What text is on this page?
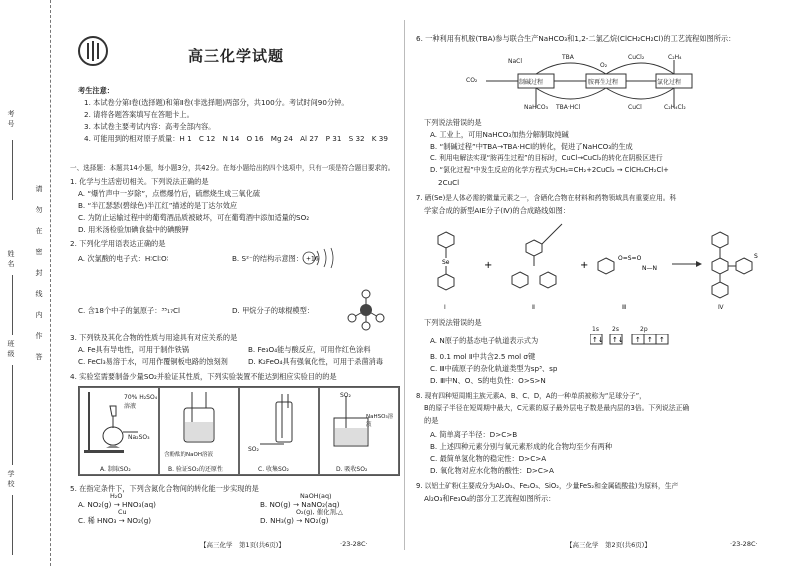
考号
姓名
班级
学校
请勿在密封线内作答
高三化学试题
考生注意：
1. 本试卷分第Ⅰ卷(选择题)和第Ⅱ卷(非选择题)两部分，共100分。考试时间90分钟。
2. 请将各题答案填写在答题卡上。
3. 本试卷主要考试内容：高考全部内容。
4. 可能用到的相对原子质量：H 1　C 12　N 14　O 16　Mg 24　Al 27　P 31　S 32　K 39
一、选择题：本题共14小题，每小题3分，共42分。在每小题给出的四个选项中，只有一项是符合题目要求的。
1. 化学与生活密切相关。下列说法正确的是
A. “爆竹声中一岁除”，点燃爆竹后，硫燃烧生成三氧化硫
B. “半江瑟瑟(碧绿色)半江红”描述的是丁达尔效应
C. 为防止运输过程中的葡萄酒品质被破坏，可在葡萄酒中添加适量的SO₂
D. 用米汤检验加碘食盐中的碘酸钾
2. 下列化学用语表达正确的是
A. 次氯酸的电子式：H∶Cl∶O∶	B. S²⁻的结构示意图： +16
C. 含18个中子的氯原子：³⁵₁₇Cl	D. 甲烷分子的球棍模型：
3. 下列铁及其化合物的性质与用途具有对应关系的是
A. Fe具有导电性，可用于制作铁锅	B. Fe₃O₄能与酸反应，可用作红色涂料
C. FeCl₃易溶于水，可用作覆铜板电路的蚀刻剂	D. K₂FeO₄具有强氧化性，可用于杀菌消毒
4. 实验室需要制备少量SO₂并验证其性质，下列实验装置不能达到相应实验目的的是
70% H₂SO₄溶液
Na₂SO₃
A. 制取SO₂
含酚酞的NaOH溶液
B. 验证SO₂的还原性
SO₂
C. 收集SO₂
SO₂
NaHSO₃溶液
D. 吸收SO₂
5. 在指定条件下，下列含氮化合物间的转化能一步实现的是
H₂O
A. NO₂(g) → HNO₃(aq)
NaOH(aq)
B. NO(g) → NaNO₂(aq)
Cu
C. 稀 HNO₃ → NO₂(g)
O₂(g), 催化剂,△
D. NH₃(g) → NO₂(g)
【高三化学　第1页(共6页)】	·23-28C·
6. 一种利用有机胺(TBA)参与联合生产NaHCO₃和1,2-二氯乙烷(ClCH₂CH₂Cl)的工艺流程如图所示：
CO₂	制碱过程
NaCl
TBA
TBA·HCl
胺再生过程
CuCl₂
CuCl
氯化过程
C₂H₄
C₂H₄Cl₂
O₂
NaHCO₃
下列说法错误的是
A. 工业上，可用NaHCO₃加热分解制取纯碱
B. “制碱过程”中TBA→TBA·HCl的转化，促进了NaHCO₃的生成
C. 利用电解法实现“胺再生过程”的目标时，CuCl→CuCl₂的转化在阴极区进行
D. “氯化过程”中发生反应的化学方程式为CH₂=CH₂+2CuCl₂ → ClCH₂CH₂Cl+
2CuCl
7. 硒(Se)是人体必需的微量元素之一，含硒化合物在材料和药物领域具有重要应用。科
学家合成的新型AIE分子(Ⅳ)的合成路线如图：
Se	+	+
O=S=O
N—N
S
Ⅰ	Ⅱ	Ⅲ	Ⅳ
下列说法错误的是
A. N原子的基态电子轨道表示式为
1s 2s	2p
↑↓ ↑↓ ↑ ↑ ↑
B. 0.1 mol Ⅱ中共含2.5 mol σ键
C. Ⅲ中硫原子的杂化轨道类型为sp³、sp
D. Ⅲ中N、O、S的电负性：O>S>N
8. 现有四种短周期主族元素A、B、C、D，A的一种单质被称为“足球分子”，
B的原子半径在短周期中最大，C元素的原子最外层电子数是最内层的3倍。下列说法正确
的是
A. 简单离子半径：D>C>B
B. 上述四种元素分别与氧元素形成的化合物均至少有两种
C. 最简单氢化物的稳定性：D>C>A
D. 氧化物对应水化物的酸性：D>C>A
9. 以铝土矿粉(主要成分为Al₂O₃、Fe₂O₃、SiO₂，少量FeS₂和金属硫酸盐)为原料，生产
Al₂O₃和Fe₃O₄的部分工艺流程如图所示：
【高三化学　第2页(共6页)】	·23-28C·
